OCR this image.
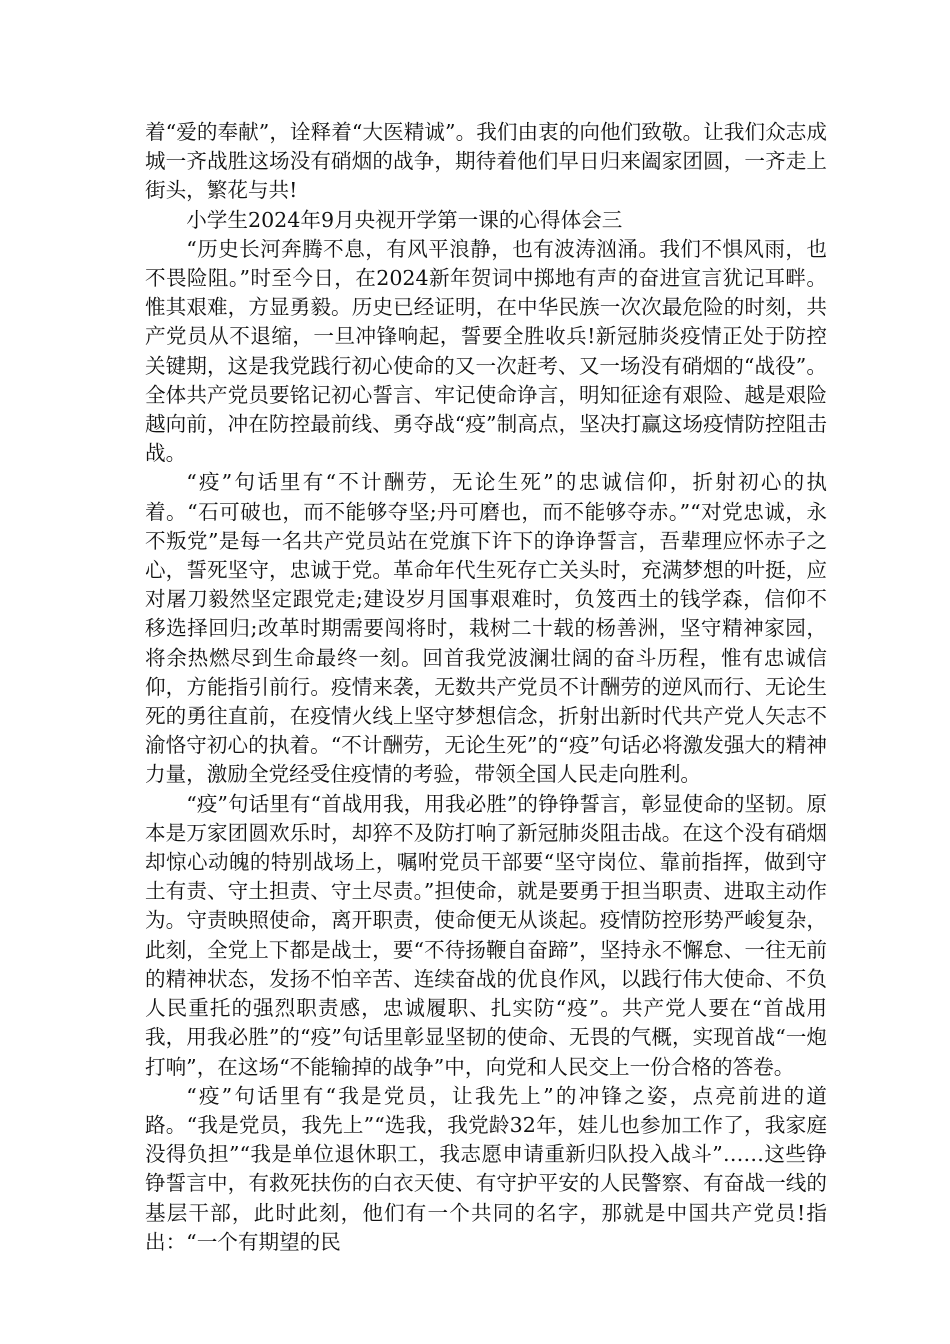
着“爱的奉献”，诠释着“大医精诚”。我们由衷的向他们致敬。让我们众志成城一齐战胜这场没有硝烟的战争，期待着他们早日归来阖家团圆，一齐走上街头，繁花与共!

小学生2024年9月央视开学第一课的心得体会三

“历史长河奔腾不息，有风平浪静，也有波涛汹涌。我们不惧风雨，也不畏险阻。”时至今日，在2024新年贺词中掷地有声的奋进宣言犹记耳畔。惟其艰难，方显勇毅。历史已经证明，在中华民族一次次最危险的时刻，共产党员从不退缩，一旦冲锋响起，誓要全胜收兵!新冠肺炎疫情正处于防控关键期，这是我党践行初心使命的又一次赶考、又一场没有硝烟的“战役”。全体共产党员要铭记初心誓言、牢记使命诤言，明知征途有艰险、越是艰险越向前，冲在防控最前线、勇夺战“疫”制高点，坚决打赢这场疫情防控阻击战。

“疫”句话里有“不计酬劳，无论生死”的忠诚信仰，折射初心的执着。“石可破也，而不能够夺坚;丹可磨也，而不能够夺赤。”“对党忠诚，永不叛党”是每一名共产党员站在党旗下许下的诤诤誓言，吾辈理应怀赤子之心，誓死坚守，忠诚于党。革命年代生死存亡关头时，充满梦想的叶挺，应对屠刀毅然坚定跟党走;建设岁月国事艰难时，负笈西土的钱学森，信仰不移选择回归;改革时期需要闯将时，栽树二十载的杨善洲，坚守精神家园，将余热燃尽到生命最终一刻。回首我党波澜壮阔的奋斗历程，惟有忠诚信仰，方能指引前行。疫情来袭，无数共产党员不计酬劳的逆风而行、无论生死的勇往直前，在疫情火线上坚守梦想信念，折射出新时代共产党人矢志不渝恪守初心的执着。“不计酬劳，无论生死”的“疫”句话必将激发强大的精神力量，激励全党经受住疫情的考验，带领全国人民走向胜利。

“疫”句话里有“首战用我，用我必胜”的铮铮誓言，彰显使命的坚韧。原本是万家团圆欢乐时，却猝不及防打响了新冠肺炎阻击战。在这个没有硝烟却惊心动魄的特别战场上，嘱咐党员干部要“坚守岗位、靠前指挥，做到守土有责、守土担责、守土尽责。”担使命，就是要勇于担当职责、进取主动作为。守责映照使命，离开职责，使命便无从谈起。疫情防控形势严峻复杂，此刻，全党上下都是战士，要“不待扬鞭自奋蹄”，坚持永不懈怠、一往无前的精神状态，发扬不怕辛苦、连续奋战的优良作风，以践行伟大使命、不负人民重托的强烈职责感，忠诚履职、扎实防“疫”。共产党人要在“首战用我，用我必胜”的“疫”句话里彰显坚韧的使命、无畏的气概，实现首战“一炮打响”，在这场“不能输掉的战争”中，向党和人民交上一份合格的答卷。

“疫”句话里有“我是党员，让我先上”的冲锋之姿，点亮前进的道路。“我是党员，我先上”“选我，我党龄32年，娃儿也参加工作了，我家庭没得负担”“我是单位退休职工，我志愿申请重新归队投入战斗”……这些铮铮誓言中，有救死扶伤的白衣天使、有守护平安的人民警察、有奋战一线的基层干部，此时此刻，他们有一个共同的名字，那就是中国共产党员!指出：“一个有期望的民
